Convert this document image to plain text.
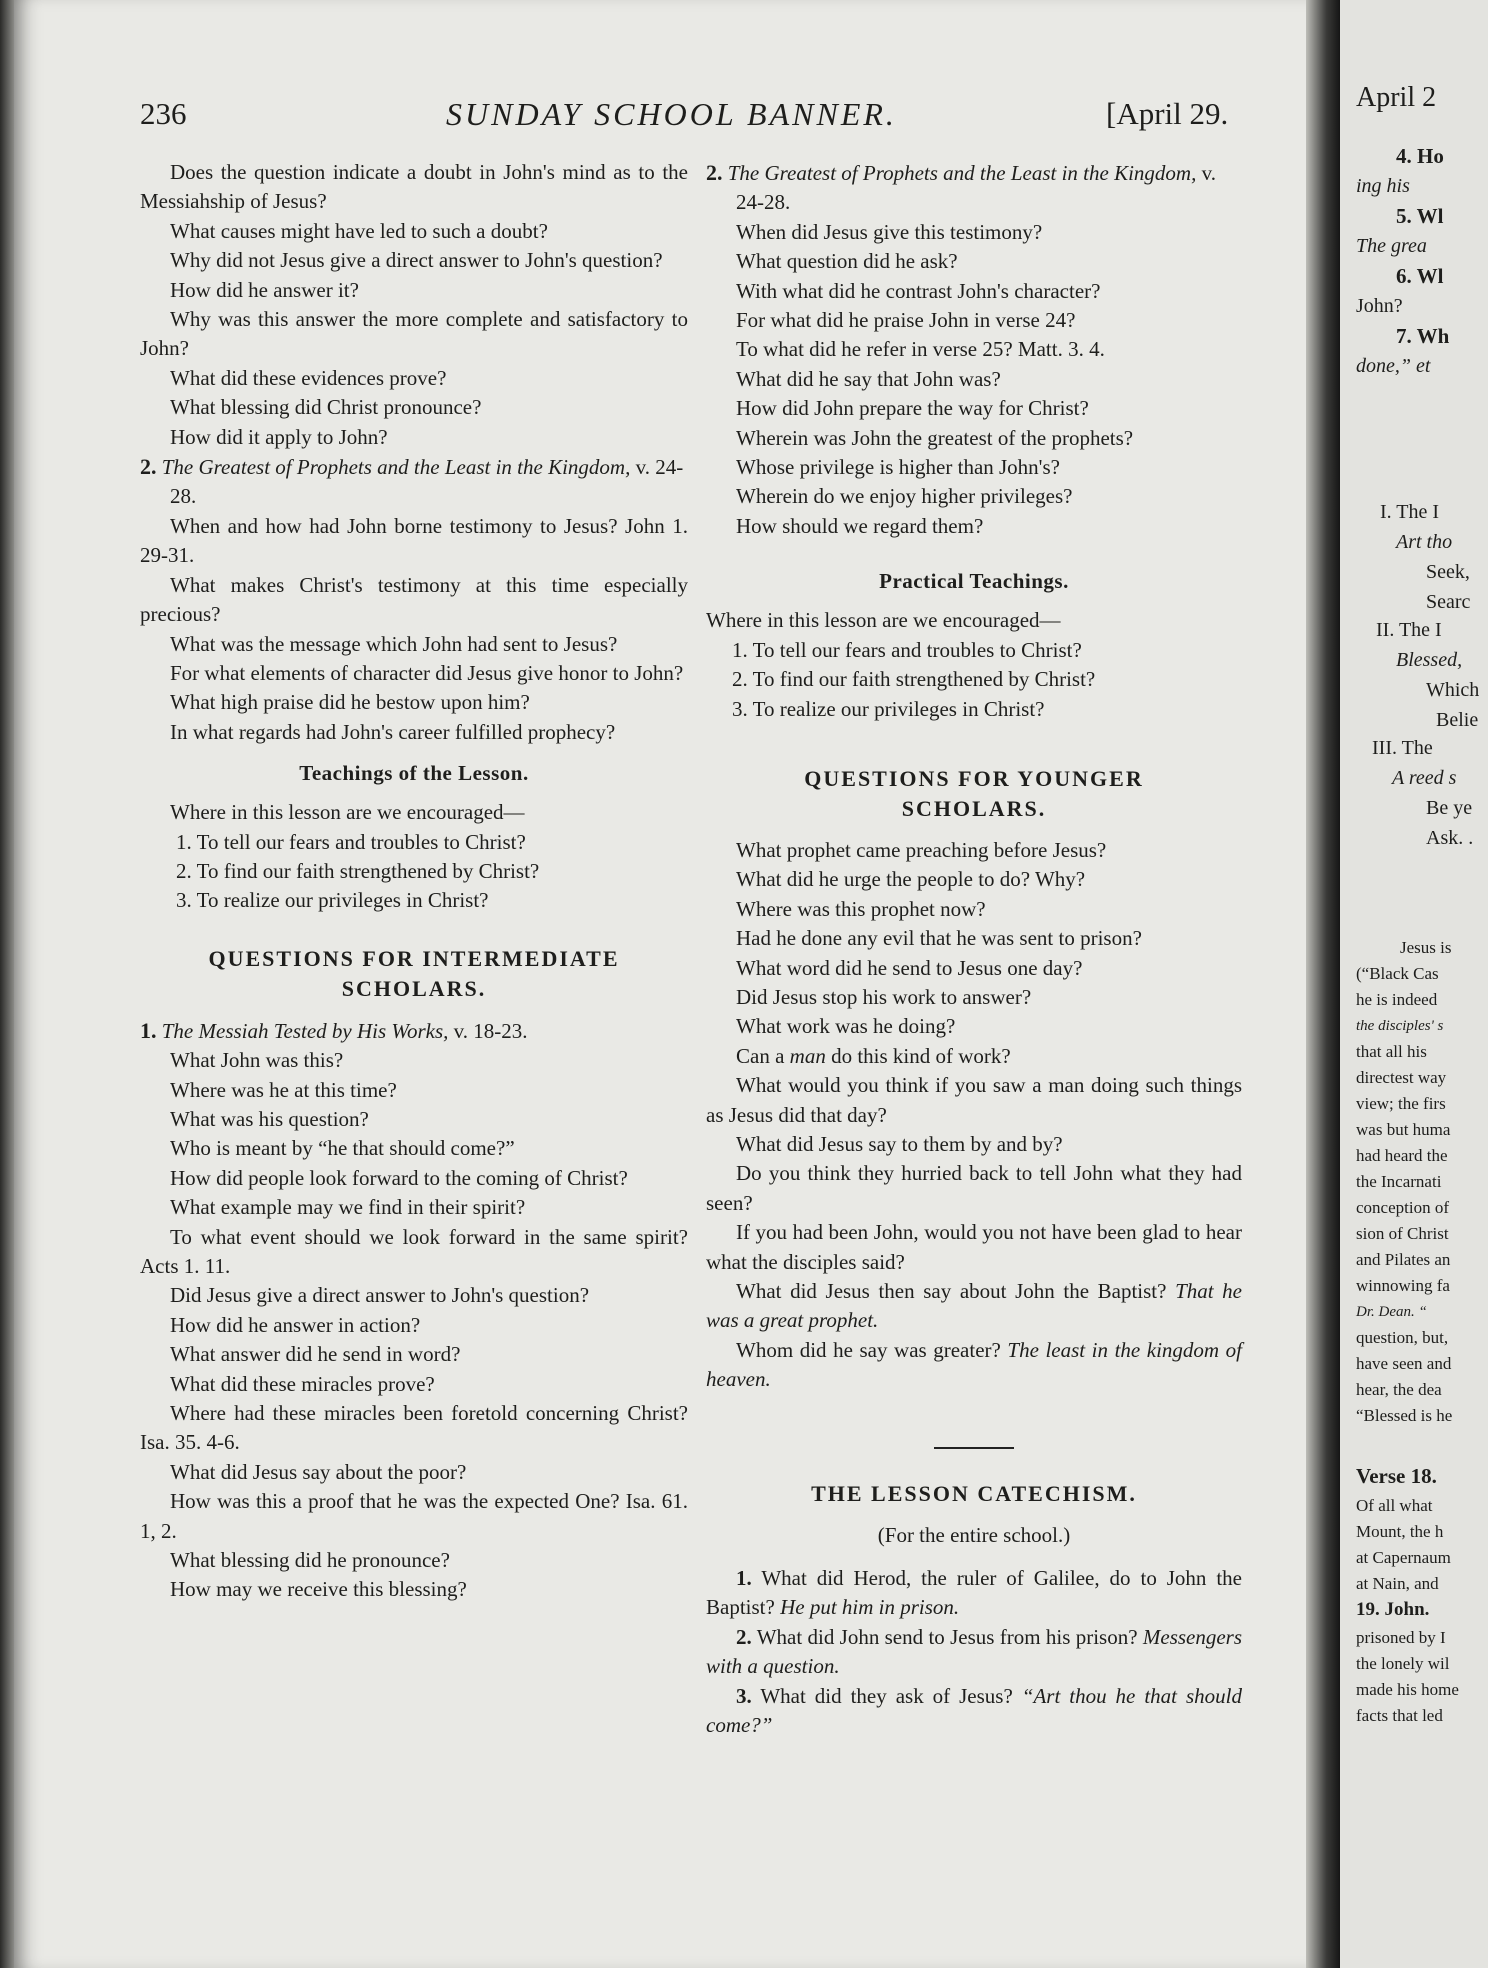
236	SUNDAY SCHOOL BANNER.	[April 29.

Does the question indicate a doubt in John's mind as to the Messiahship of Jesus?

What causes might have led to such a doubt?

Why did not Jesus give a direct answer to John's question?

How did he answer it?

Why was this answer the more complete and satisfactory to John?

What did these evidences prove?

What blessing did Christ pronounce?

How did it apply to John?

2. The Greatest of Prophets and the Least in the Kingdom, v. 24-28.

When and how had John borne testimony to Jesus? John 1. 29-31.

What makes Christ's testimony at this time especially precious?

What was the message which John had sent to Jesus?

For what elements of character did Jesus give honor to John?

What high praise did he bestow upon him?

In what regards had John's career fulfilled prophecy?

Teachings of the Lesson.

Where in this lesson are we encouraged—

1. To tell our fears and troubles to Christ?
2. To find our faith strengthened by Christ?
3. To realize our privileges in Christ?
QUESTIONS FOR INTERMEDIATE
SCHOLARS.

1. The Messiah Tested by His Works, v. 18-23.

What John was this?

Where was he at this time?

What was his question?

Who is meant by “he that should come?”

How did people look forward to the coming of Christ?

What example may we find in their spirit?

To what event should we look forward in the same spirit? Acts 1. 11.

Did Jesus give a direct answer to John's question?

How did he answer in action?

What answer did he send in word?

What did these miracles prove?

Where had these miracles been foretold concerning Christ? Isa. 35. 4-6.

What did Jesus say about the poor?

How was this a proof that he was the expected One? Isa. 61. 1, 2.

What blessing did he pronounce?

How may we receive this blessing?

2. The Greatest of Prophets and the Least in the Kingdom, v. 24-28.

When did Jesus give this testimony?

What question did he ask?

With what did he contrast John's character?

For what did he praise John in verse 24?

To what did he refer in verse 25? Matt. 3. 4.

What did he say that John was?

How did John prepare the way for Christ?

Wherein was John the greatest of the prophets?

Whose privilege is higher than John's?

Wherein do we enjoy higher privileges?

How should we regard them?

Practical Teachings.

Where in this lesson are we encouraged—

1. To tell our fears and troubles to Christ?
2. To find our faith strengthened by Christ?
3. To realize our privileges in Christ?
QUESTIONS FOR YOUNGER
SCHOLARS.

What prophet came preaching before Jesus?

What did he urge the people to do? Why?

Where was this prophet now?

Had he done any evil that he was sent to prison?

What word did he send to Jesus one day?

Did Jesus stop his work to answer?

What work was he doing?

Can a man do this kind of work?

What would you think if you saw a man doing such things as Jesus did that day?

What did Jesus say to them by and by?

Do you think they hurried back to tell John what they had seen?

If you had been John, would you not have been glad to hear what the disciples said?

What did Jesus then say about John the Baptist? That he was a great prophet.

Whom did he say was greater? The least in the kingdom of heaven.

THE LESSON CATECHISM.

(For the entire school.)

1. What did Herod, the ruler of Galilee, do to John the Baptist? He put him in prison.

2. What did John send to Jesus from his prison? Messengers with a question.

3. What did they ask of Jesus? “Art thou he that should come?”

April 2
4. Ho
ing his
5. Wl
The grea
6. Wl
John?
7. Wh
done,” et
I. The I
Art tho
Seek,
Searc
II. The I
Blessed,
Which
Belie
III. The
A reed s
Be ye
Ask. .
Jesus is
(“Black Cas
he is indeed
the disciples' s
that all his
directest way
view; the firs
was but huma
had heard the
the Incarnati
conception of
sion of Christ
and Pilates an
winnowing fa
Dr. Dean. “
question, but,
have seen and
hear, the dea
“Blessed is he
Verse 18.
Of all what
Mount, the h
at Capernaum
at Nain, and
19. John.
prisoned by I
the lonely wil
made his home
facts that led
